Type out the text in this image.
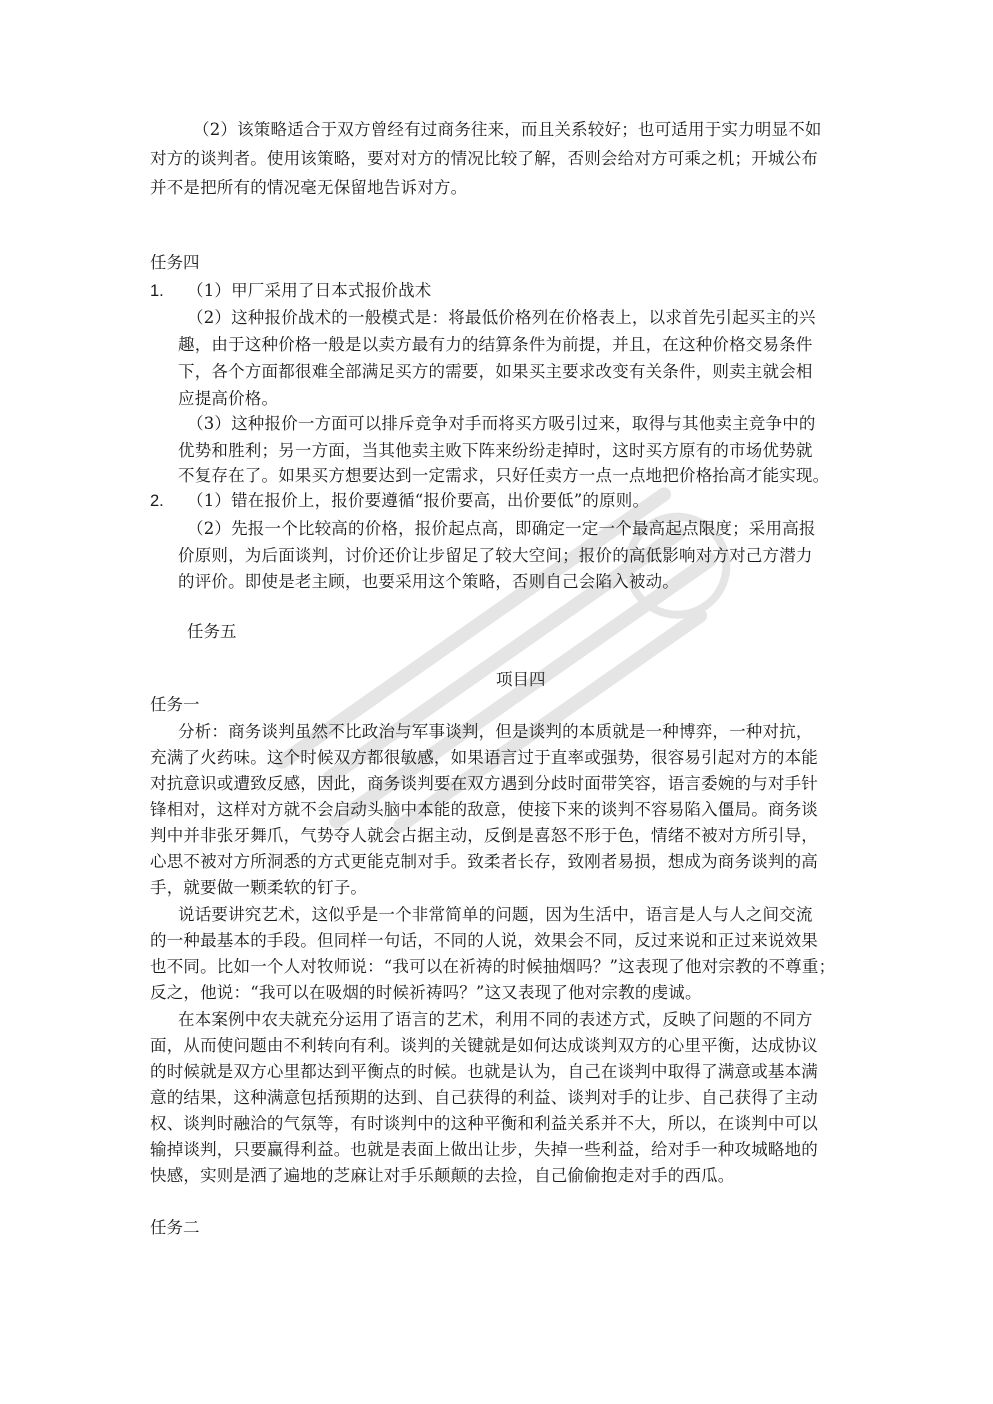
（2）该策略适合于双方曾经有过商务往来，而且关系较好；也可适用于实力明显不如
对方的谈判者。使用该策略，要对对方的情况比较了解，否则会给对方可乘之机；开城公布
并不是把所有的情况毫无保留地告诉对方。
任务四
1. （1）甲厂采用了日本式报价战术
（2）这种报价战术的一般模式是：将最低价格列在价格表上，以求首先引起买主的兴
趣，由于这种价格一般是以卖方最有力的结算条件为前提，并且，在这种价格交易条件
下，各个方面都很难全部满足买方的需要，如果买主要求改变有关条件，则卖主就会相
应提高价格。
（3）这种报价一方面可以排斥竞争对手而将买方吸引过来，取得与其他卖主竞争中的
优势和胜利；另一方面，当其他卖主败下阵来纷纷走掉时，这时买方原有的市场优势就
不复存在了。如果买方想要达到一定需求，只好任卖方一点一点地把价格抬高才能实现。
2. （1）错在报价上，报价要遵循“报价要高，出价要低”的原则。
（2）先报一个比较高的价格，报价起点高，即确定一定一个最高起点限度；采用高报
价原则，为后面谈判，讨价还价让步留足了较大空间；报价的高低影响对方对己方潜力
的评价。即使是老主顾，也要采用这个策略，否则自己会陷入被动。
任务五
项目四
任务一
分析：商务谈判虽然不比政治与军事谈判，但是谈判的本质就是一种博弈，一种对抗，
充满了火药味。这个时候双方都很敏感，如果语言过于直率或强势，很容易引起对方的本能
对抗意识或遭致反感，因此，商务谈判要在双方遇到分歧时面带笑容，语言委婉的与对手针
锋相对，这样对方就不会启动头脑中本能的敌意，使接下来的谈判不容易陷入僵局。商务谈
判中并非张牙舞爪，气势夺人就会占据主动，反倒是喜怒不形于色，情绪不被对方所引导，
心思不被对方所洞悉的方式更能克制对手。致柔者长存，致刚者易损，想成为商务谈判的高
手，就要做一颗柔软的钉子。
说话要讲究艺术，这似乎是一个非常简单的问题，因为生活中，语言是人与人之间交流
的一种最基本的手段。但同样一句话，不同的人说，效果会不同，反过来说和正过来说效果
也不同。比如一个人对牧师说：“我可以在祈祷的时候抽烟吗？”这表现了他对宗教的不尊重；
反之，他说：“我可以在吸烟的时候祈祷吗？”这又表现了他对宗教的虔诚。
在本案例中农夫就充分运用了语言的艺术，利用不同的表述方式，反映了问题的不同方
面，从而使问题由不利转向有利。谈判的关键就是如何达成谈判双方的心里平衡，达成协议
的时候就是双方心里都达到平衡点的时候。也就是认为，自己在谈判中取得了满意或基本满
意的结果，这种满意包括预期的达到、自己获得的利益、谈判对手的让步、自己获得了主动
权、谈判时融洽的气氛等，有时谈判中的这种平衡和利益关系并不大，所以，在谈判中可以
输掉谈判，只要赢得利益。也就是表面上做出让步，失掉一些利益，给对手一种攻城略地的
快感，实则是洒了遍地的芝麻让对手乐颠颠的去捡，自己偷偷抱走对手的西瓜。
任务二
